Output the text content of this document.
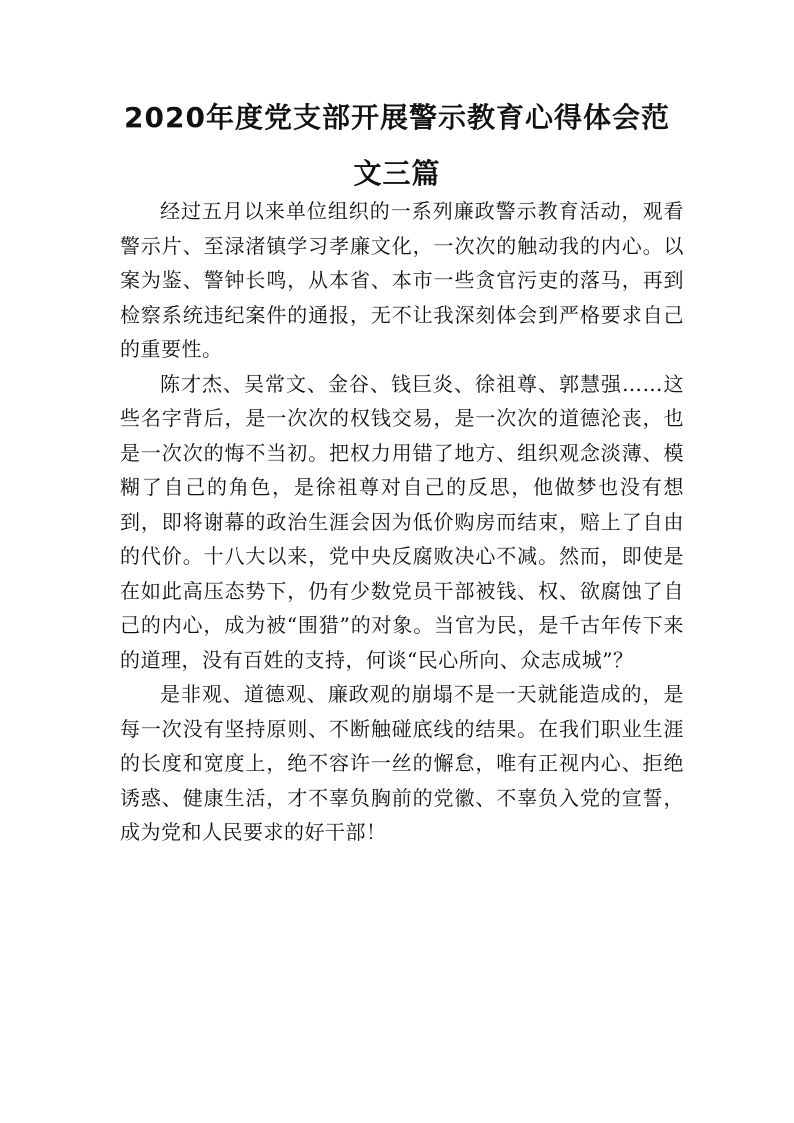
2020年度党支部开展警示教育心得体会范文三篇

经过五月以来单位组织的一系列廉政警示教育活动，观看警示片、至渌渚镇学习孝廉文化，一次次的触动我的内心。以案为鉴、警钟长鸣，从本省、本市一些贪官污吏的落马，再到检察系统违纪案件的通报，无不让我深刻体会到严格要求自己的重要性。

陈才杰、吴常文、金谷、钱巨炎、徐祖尊、郭慧强……这些名字背后，是一次次的权钱交易，是一次次的道德沦丧，也是一次次的悔不当初。把权力用错了地方、组织观念淡薄、模糊了自己的角色，是徐祖尊对自己的反思，他做梦也没有想到，即将谢幕的政治生涯会因为低价购房而结束，赔上了自由的代价。十八大以来，党中央反腐败决心不减。然而，即使是在如此高压态势下，仍有少数党员干部被钱、权、欲腐蚀了自己的内心，成为被“围猎”的对象。当官为民，是千古年传下来的道理，没有百姓的支持，何谈“民心所向、众志成城”？

是非观、道德观、廉政观的崩塌不是一天就能造成的，是每一次没有坚持原则、不断触碰底线的结果。在我们职业生涯的长度和宽度上，绝不容许一丝的懈怠，唯有正视内心、拒绝诱惑、健康生活，才不辜负胸前的党徽、不辜负入党的宣誓，成为党和人民要求的好干部！
